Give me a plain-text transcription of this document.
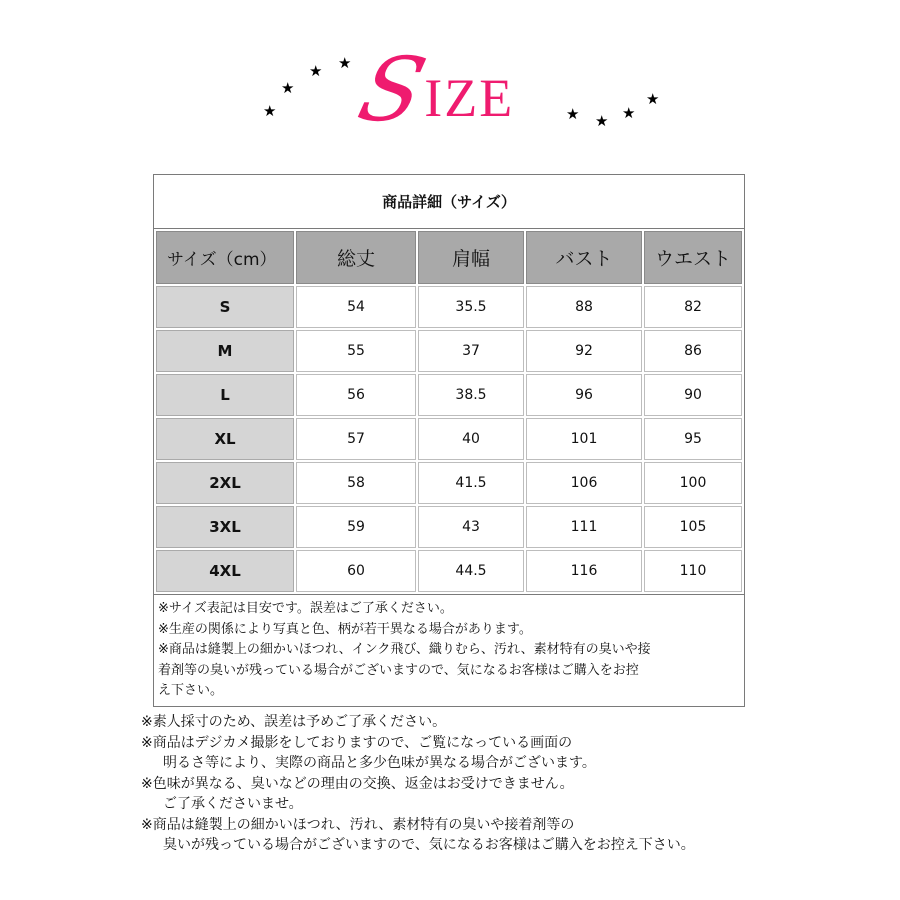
★
★
★ ★
S
IZE	★ ★ ★
★
商品詳細（サイズ）
サイズ（cm）	総丈	肩幅	バスト	ウエスト
S	54	35.5	88	82
M	55	37	92	86
L	56	38.5	96	90
XL	57	40	101	95
2XL	58	41.5	106	100
3XL	59	43	111	105
4XL	60	44.5	116	110
※サイズ表記は目安です。誤差はご了承ください。
※生産の関係により写真と色、柄が若干異なる場合があります。
※商品は縫製上の細かいほつれ、インク飛び、織りむら、汚れ、素材特有の臭いや接
着剤等の臭いが残っている場合がございますので、気になるお客様はご購入をお控
え下さい。
※素人採寸のため、誤差は予めご了承ください。
※商品はデジカメ撮影をしておりますので、ご覧になっている画面の
明るさ等により、実際の商品と多少色味が異なる場合がございます。
※色味が異なる、臭いなどの理由の交換、返金はお受けできません。
ご了承くださいませ。
※商品は縫製上の細かいほつれ、汚れ、素材特有の臭いや接着剤等の
臭いが残っている場合がございますので、気になるお客様はご購入をお控え下さい。
